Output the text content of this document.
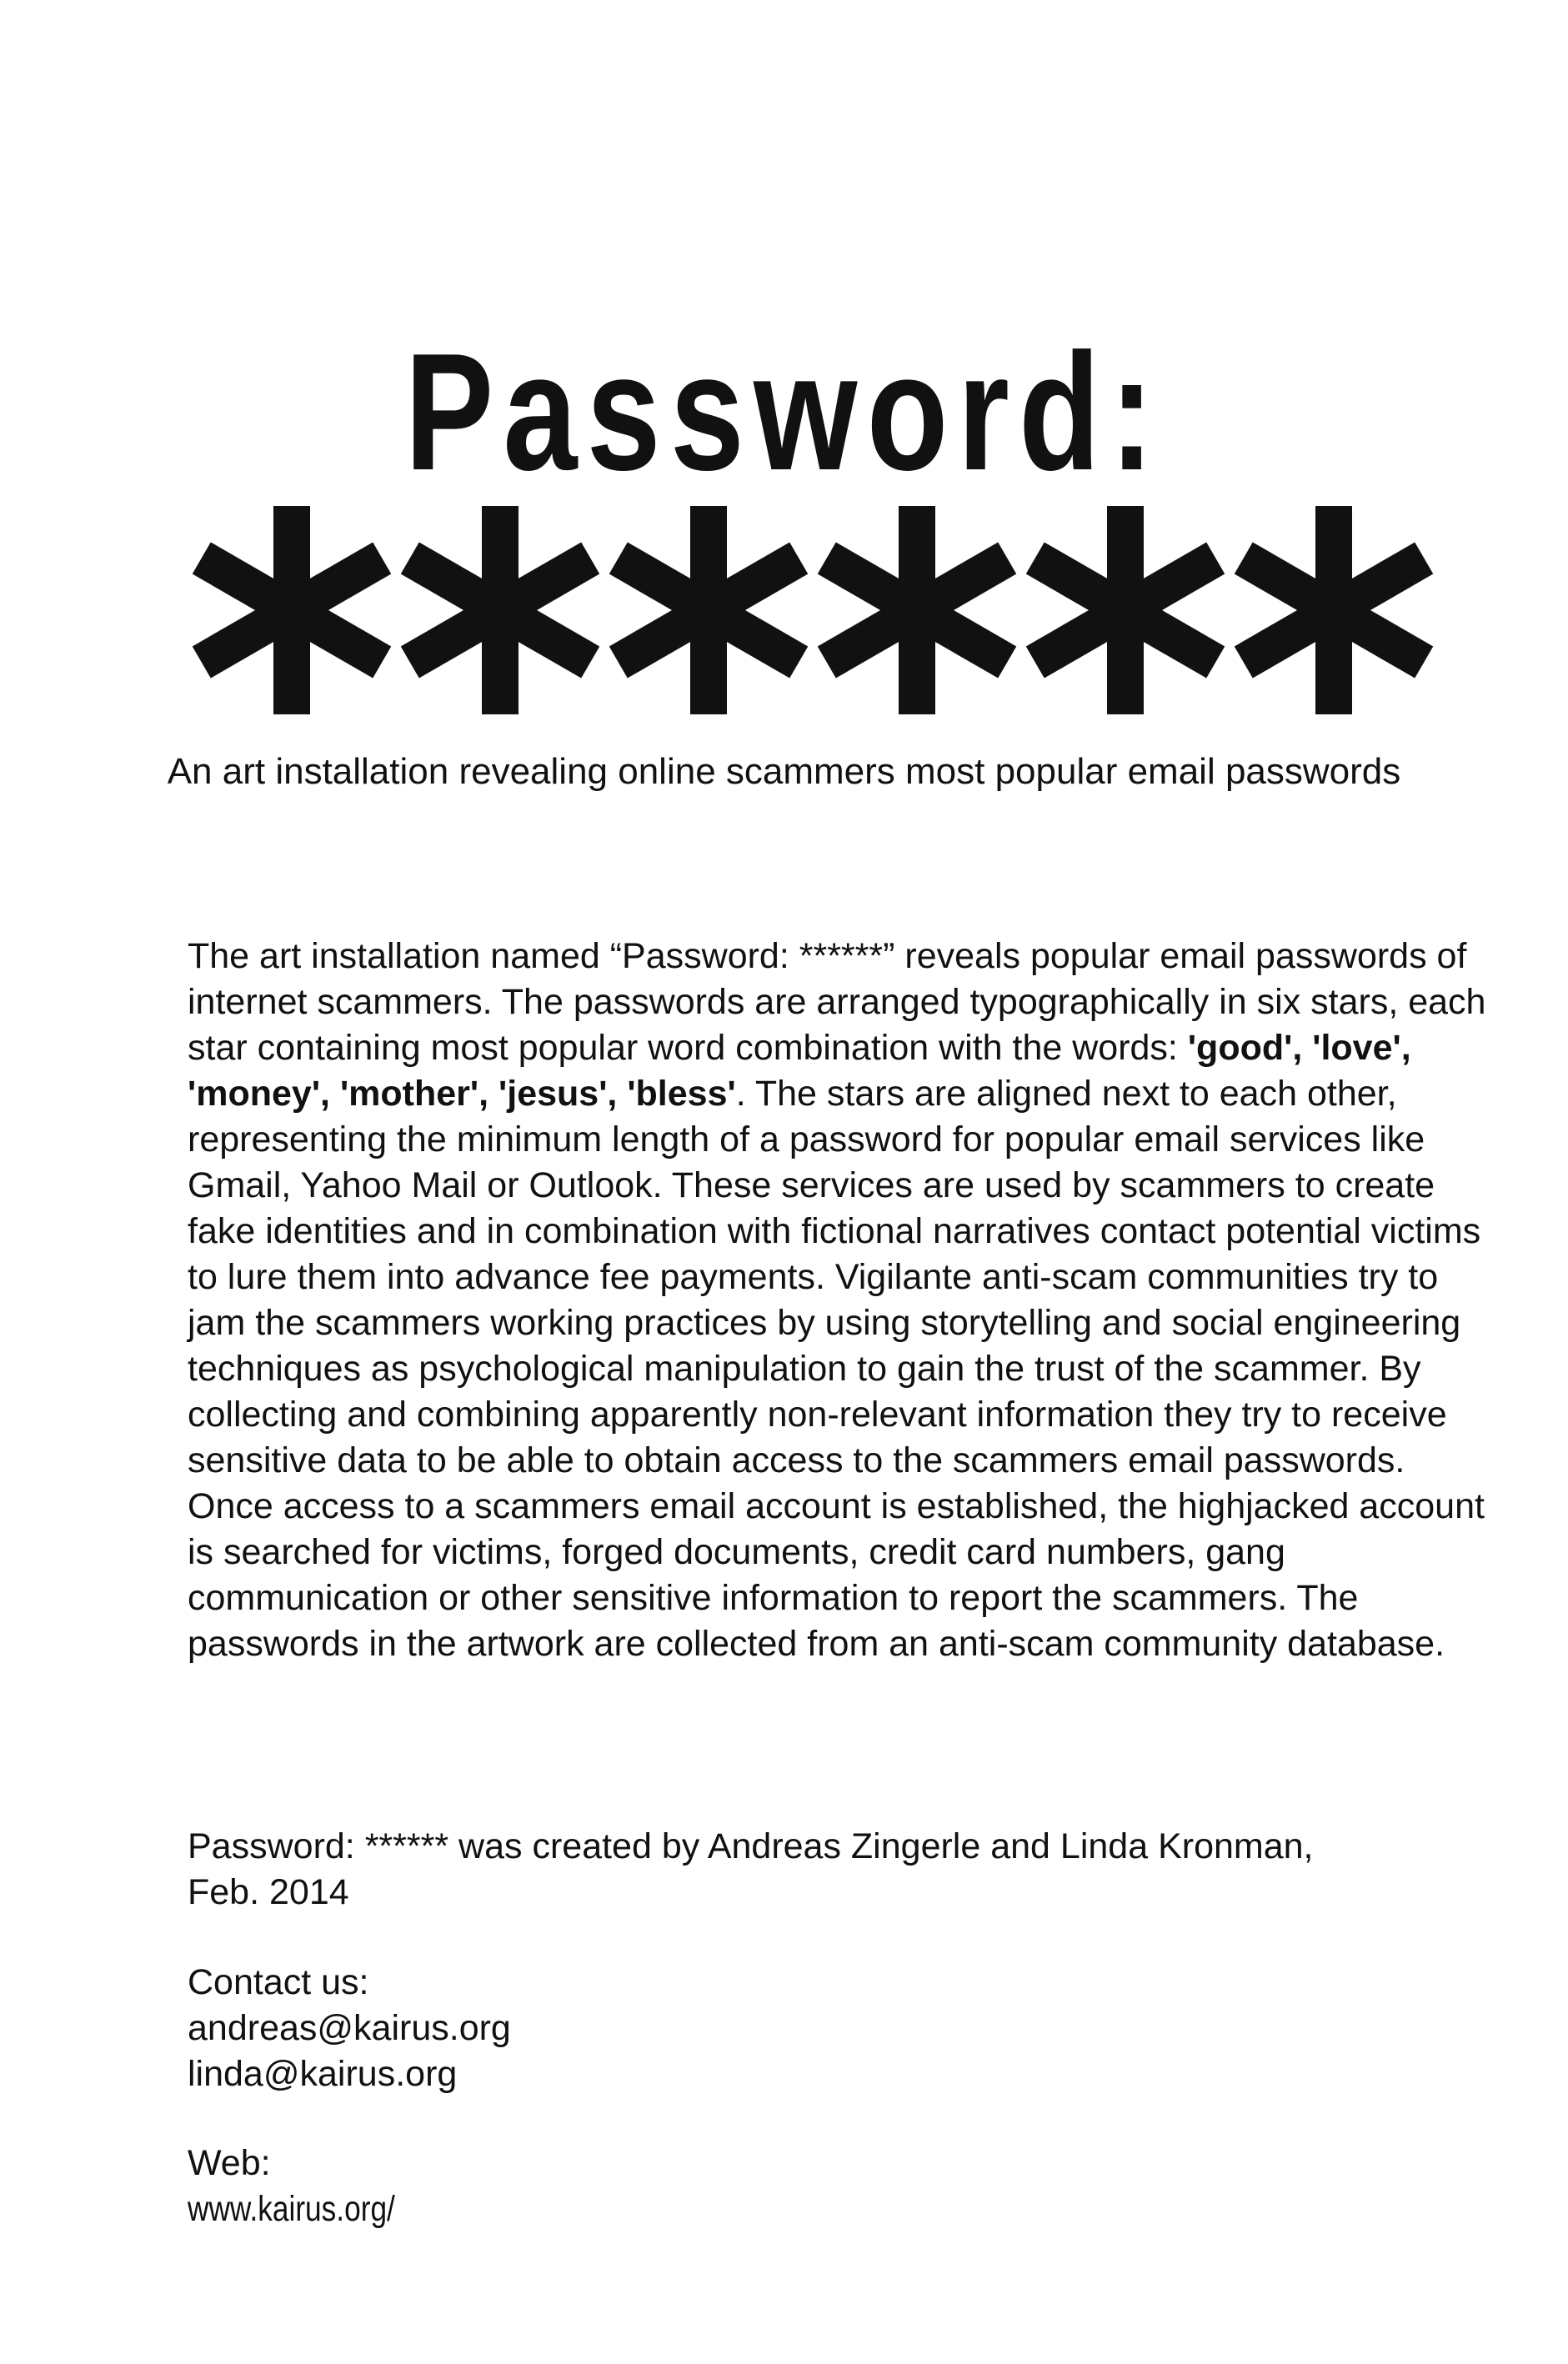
Password:

An art installation revealing online scammers most popular email passwords

The art installation named “Password: ******” reveals popular email passwords of internet scammers. The passwords are arranged typographically in six stars, each star containing most popular word combination with the words: 'good', 'love', 'money', 'mother', 'jesus', 'bless'. The stars are aligned next to each other, representing the minimum length of a password for popular email services like Gmail, Yahoo Mail or Outlook. These services are used by scammers to create fake identities and in combination with fictional narratives contact potential victims to lure them into advance fee payments. Vigilante anti-scam communities try to jam the scammers working practices by using storytelling and social engineering techniques as psychological manipulation to gain the trust of the scammer. By collecting and combining apparently non-relevant information they try to receive sensitive data to be able to obtain access to the scammers email passwords. Once access to a scammers email account is established, the highjacked account is searched for victims, forged documents, credit card numbers, gang communication or other sensitive information to report the scammers. The passwords in the artwork are collected from an anti-scam community database.

Password: ****** was created by Andreas Zingerle and Linda Kronman,
Feb. 2014
Contact us:
andreas@kairus.org
linda@kairus.org
Web:
www.kairus.org/
